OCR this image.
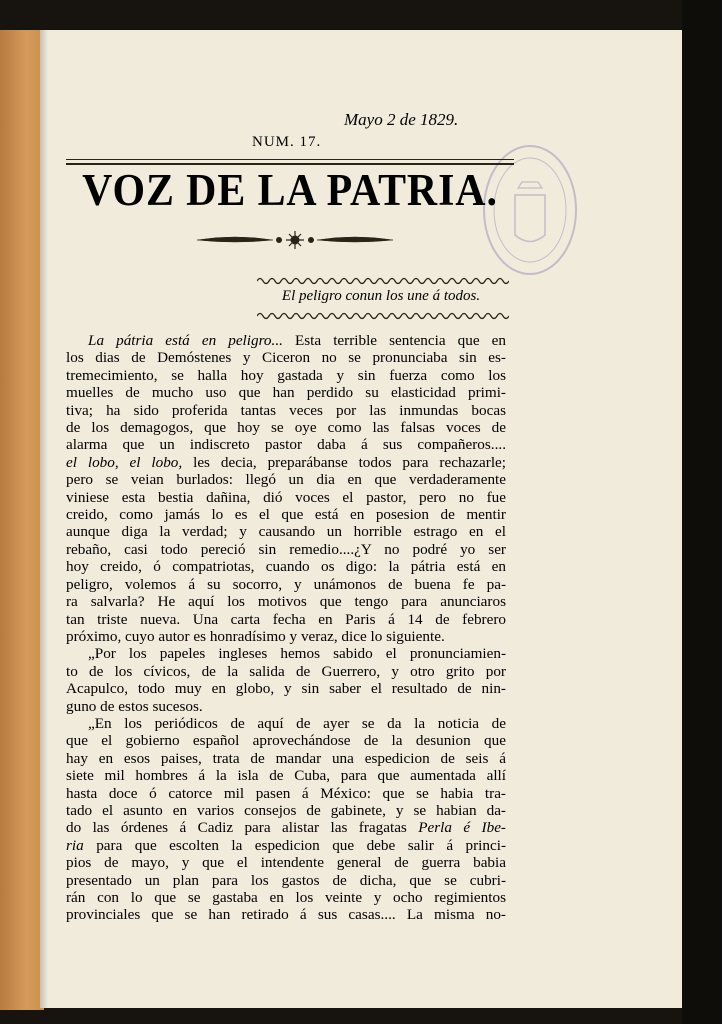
Mayo 2 de 1829.
NUM. 17.
VOZ DE LA PATRIA.
El peligro conun los une á todos.
La pátria está en peligro... Esta terrible sentencia que en
los dias de Demóstenes y Ciceron no se pronunciaba sin es-
tremecimiento, se halla hoy gastada y sin fuerza como los
muelles de mucho uso que han perdido su elasticidad primi-
tiva; ha sido proferida tantas veces por las inmundas bocas
de los demagogos, que hoy se oye como las falsas voces de
alarma que un indiscreto pastor daba á sus compañeros....
el lobo, el lobo, les decia, preparábanse todos para rechazarle;
pero se veian burlados: llegó un dia en que verdaderamente
viniese esta bestia dañina, dió voces el pastor, pero no fue
creido, como jamás lo es el que está en posesion de mentir
aunque diga la verdad; y causando un horrible estrago en el
rebaño, casi todo pereció sin remedio....¿Y no podré yo ser
hoy creido, ó compatriotas, cuando os digo: la pátria está en
peligro, volemos á su socorro, y unámonos de buena fe pa-
ra salvarla? He aquí los motivos que tengo para anunciaros
tan triste nueva. Una carta fecha en Paris á 14 de febrero
próximo, cuyo autor es honradísimo y veraz, dice lo siguiente.
„Por los papeles ingleses hemos sabido el pronunciamien-
to de los cívicos, de la salida de Guerrero, y otro grito por
Acapulco, todo muy en globo, y sin saber el resultado de nin-
guno de estos sucesos.
„En los periódicos de aquí de ayer se da la noticia de
que el gobierno español aprovechándose de la desunion que
hay en esos paises, trata de mandar una espedicion de seis á
siete mil hombres á la isla de Cuba, para que aumentada allí
hasta doce ó catorce mil pasen á México: que se habia tra-
tado el asunto en varios consejos de gabinete, y se habian da-
do las órdenes á Cadiz para alistar las fragatas Perla é Ibe-
ria para que escolten la espedicion que debe salir á princi-
pios de mayo, y que el intendente general de guerra babia
presentado un plan para los gastos de dicha, que se cubri-
rán con lo que se gastaba en los veinte y ocho regimientos
provinciales que se han retirado á sus casas.... La misma no-
